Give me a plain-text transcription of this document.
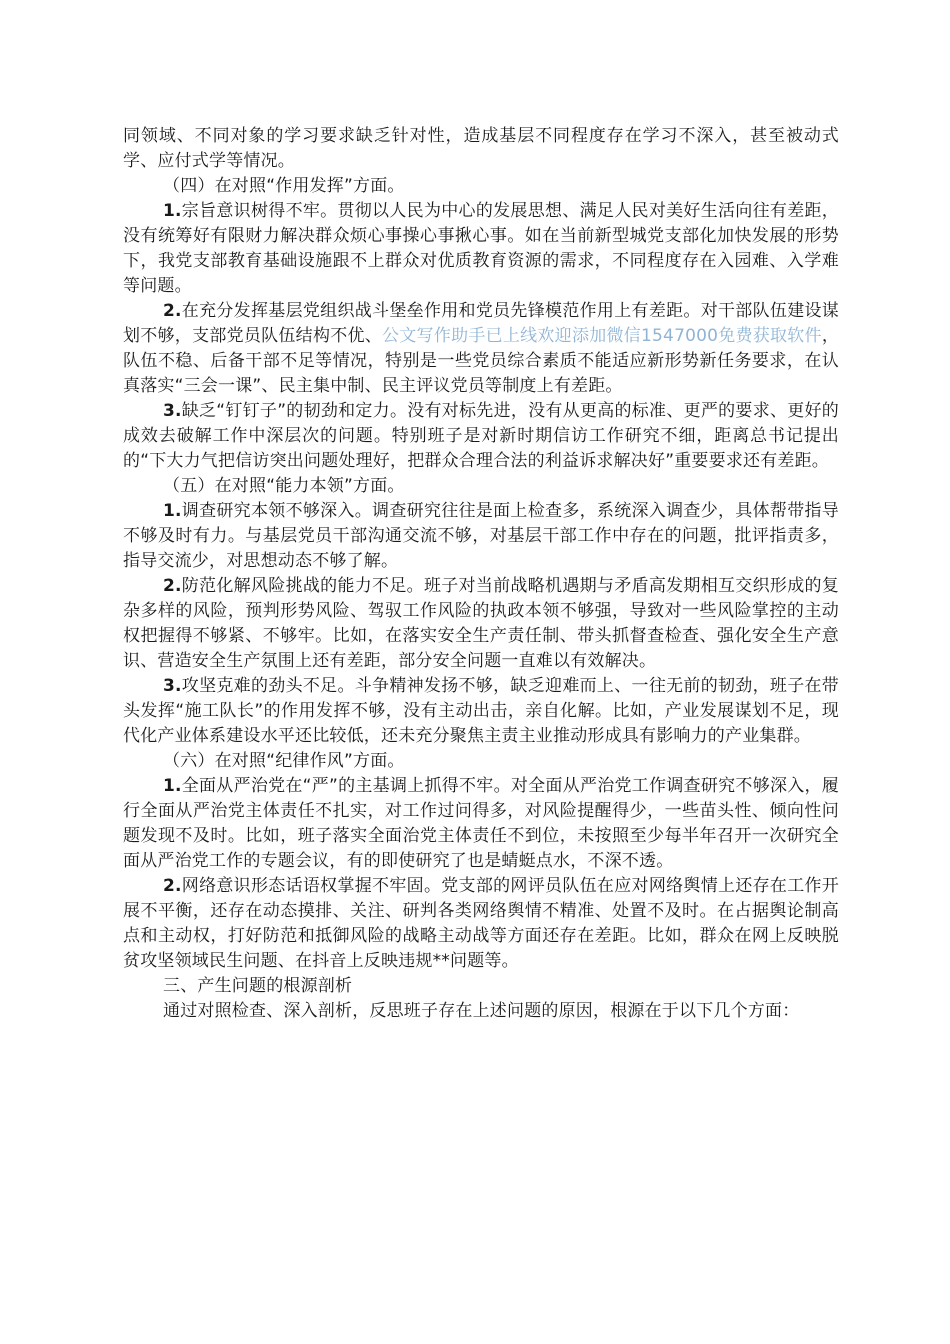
同领域、不同对象的学习要求缺乏针对性，造成基层不同程度存在学习不深入，甚至被动式学、应付式学等情况。

（四）在对照“作用发挥”方面。

1.宗旨意识树得不牢。贯彻以人民为中心的发展思想、满足人民对美好生活向往有差距，没有统筹好有限财力解决群众烦心事操心事揪心事。如在当前新型城党支部化加快发展的形势下，我党支部教育基础设施跟不上群众对优质教育资源的需求，不同程度存在入园难、入学难等问题。

2.在充分发挥基层党组织战斗堡垒作用和党员先锋模范作用上有差距。对干部队伍建设谋划不够，支部党员队伍结构不优、公文写作助手已上线欢迎添加微信1547000免费获取软件，队伍不稳、后备干部不足等情况，特别是一些党员综合素质不能适应新形势新任务要求，在认真落实“三会一课”、民主集中制、民主评议党员等制度上有差距。

3.缺乏“钉钉子”的韧劲和定力。没有对标先进，没有从更高的标准、更严的要求、更好的成效去破解工作中深层次的问题。特别班子是对新时期信访工作研究不细，距离总书记提出的“下大力气把信访突出问题处理好，把群众合理合法的利益诉求解决好”重要要求还有差距。

（五）在对照“能力本领”方面。

1.调查研究本领不够深入。调查研究往往是面上检查多，系统深入调查少，具体帮带指导不够及时有力。与基层党员干部沟通交流不够，对基层干部工作中存在的问题，批评指责多，指导交流少，对思想动态不够了解。

2.防范化解风险挑战的能力不足。班子对当前战略机遇期与矛盾高发期相互交织形成的复杂多样的风险，预判形势风险、驾驭工作风险的执政本领不够强，导致对一些风险掌控的主动权把握得不够紧、不够牢。比如，在落实安全生产责任制、带头抓督查检查、强化安全生产意识、营造安全生产氛围上还有差距，部分安全问题一直难以有效解决。

3.攻坚克难的劲头不足。斗争精神发扬不够，缺乏迎难而上、一往无前的韧劲，班子在带头发挥“施工队长”的作用发挥不够，没有主动出击，亲自化解。比如，产业发展谋划不足，现代化产业体系建设水平还比较低，还未充分聚焦主责主业推动形成具有影响力的产业集群。

（六）在对照“纪律作风”方面。

1.全面从严治党在“严”的主基调上抓得不牢。对全面从严治党工作调查研究不够深入，履行全面从严治党主体责任不扎实，对工作过问得多，对风险提醒得少，一些苗头性、倾向性问题发现不及时。比如，班子落实全面治党主体责任不到位，未按照至少每半年召开一次研究全面从严治党工作的专题会议，有的即使研究了也是蜻蜓点水，不深不透。

2.网络意识形态话语权掌握不牢固。党支部的网评员队伍在应对网络舆情上还存在工作开展不平衡，还存在动态摸排、关注、研判各类网络舆情不精准、处置不及时。在占据舆论制高点和主动权，打好防范和抵御风险的战略主动战等方面还存在差距。比如，群众在网上反映脱贫攻坚领域民生问题、在抖音上反映违规**问题等。

三、产生问题的根源剖析

通过对照检查、深入剖析，反思班子存在上述问题的原因，根源在于以下几个方面：
